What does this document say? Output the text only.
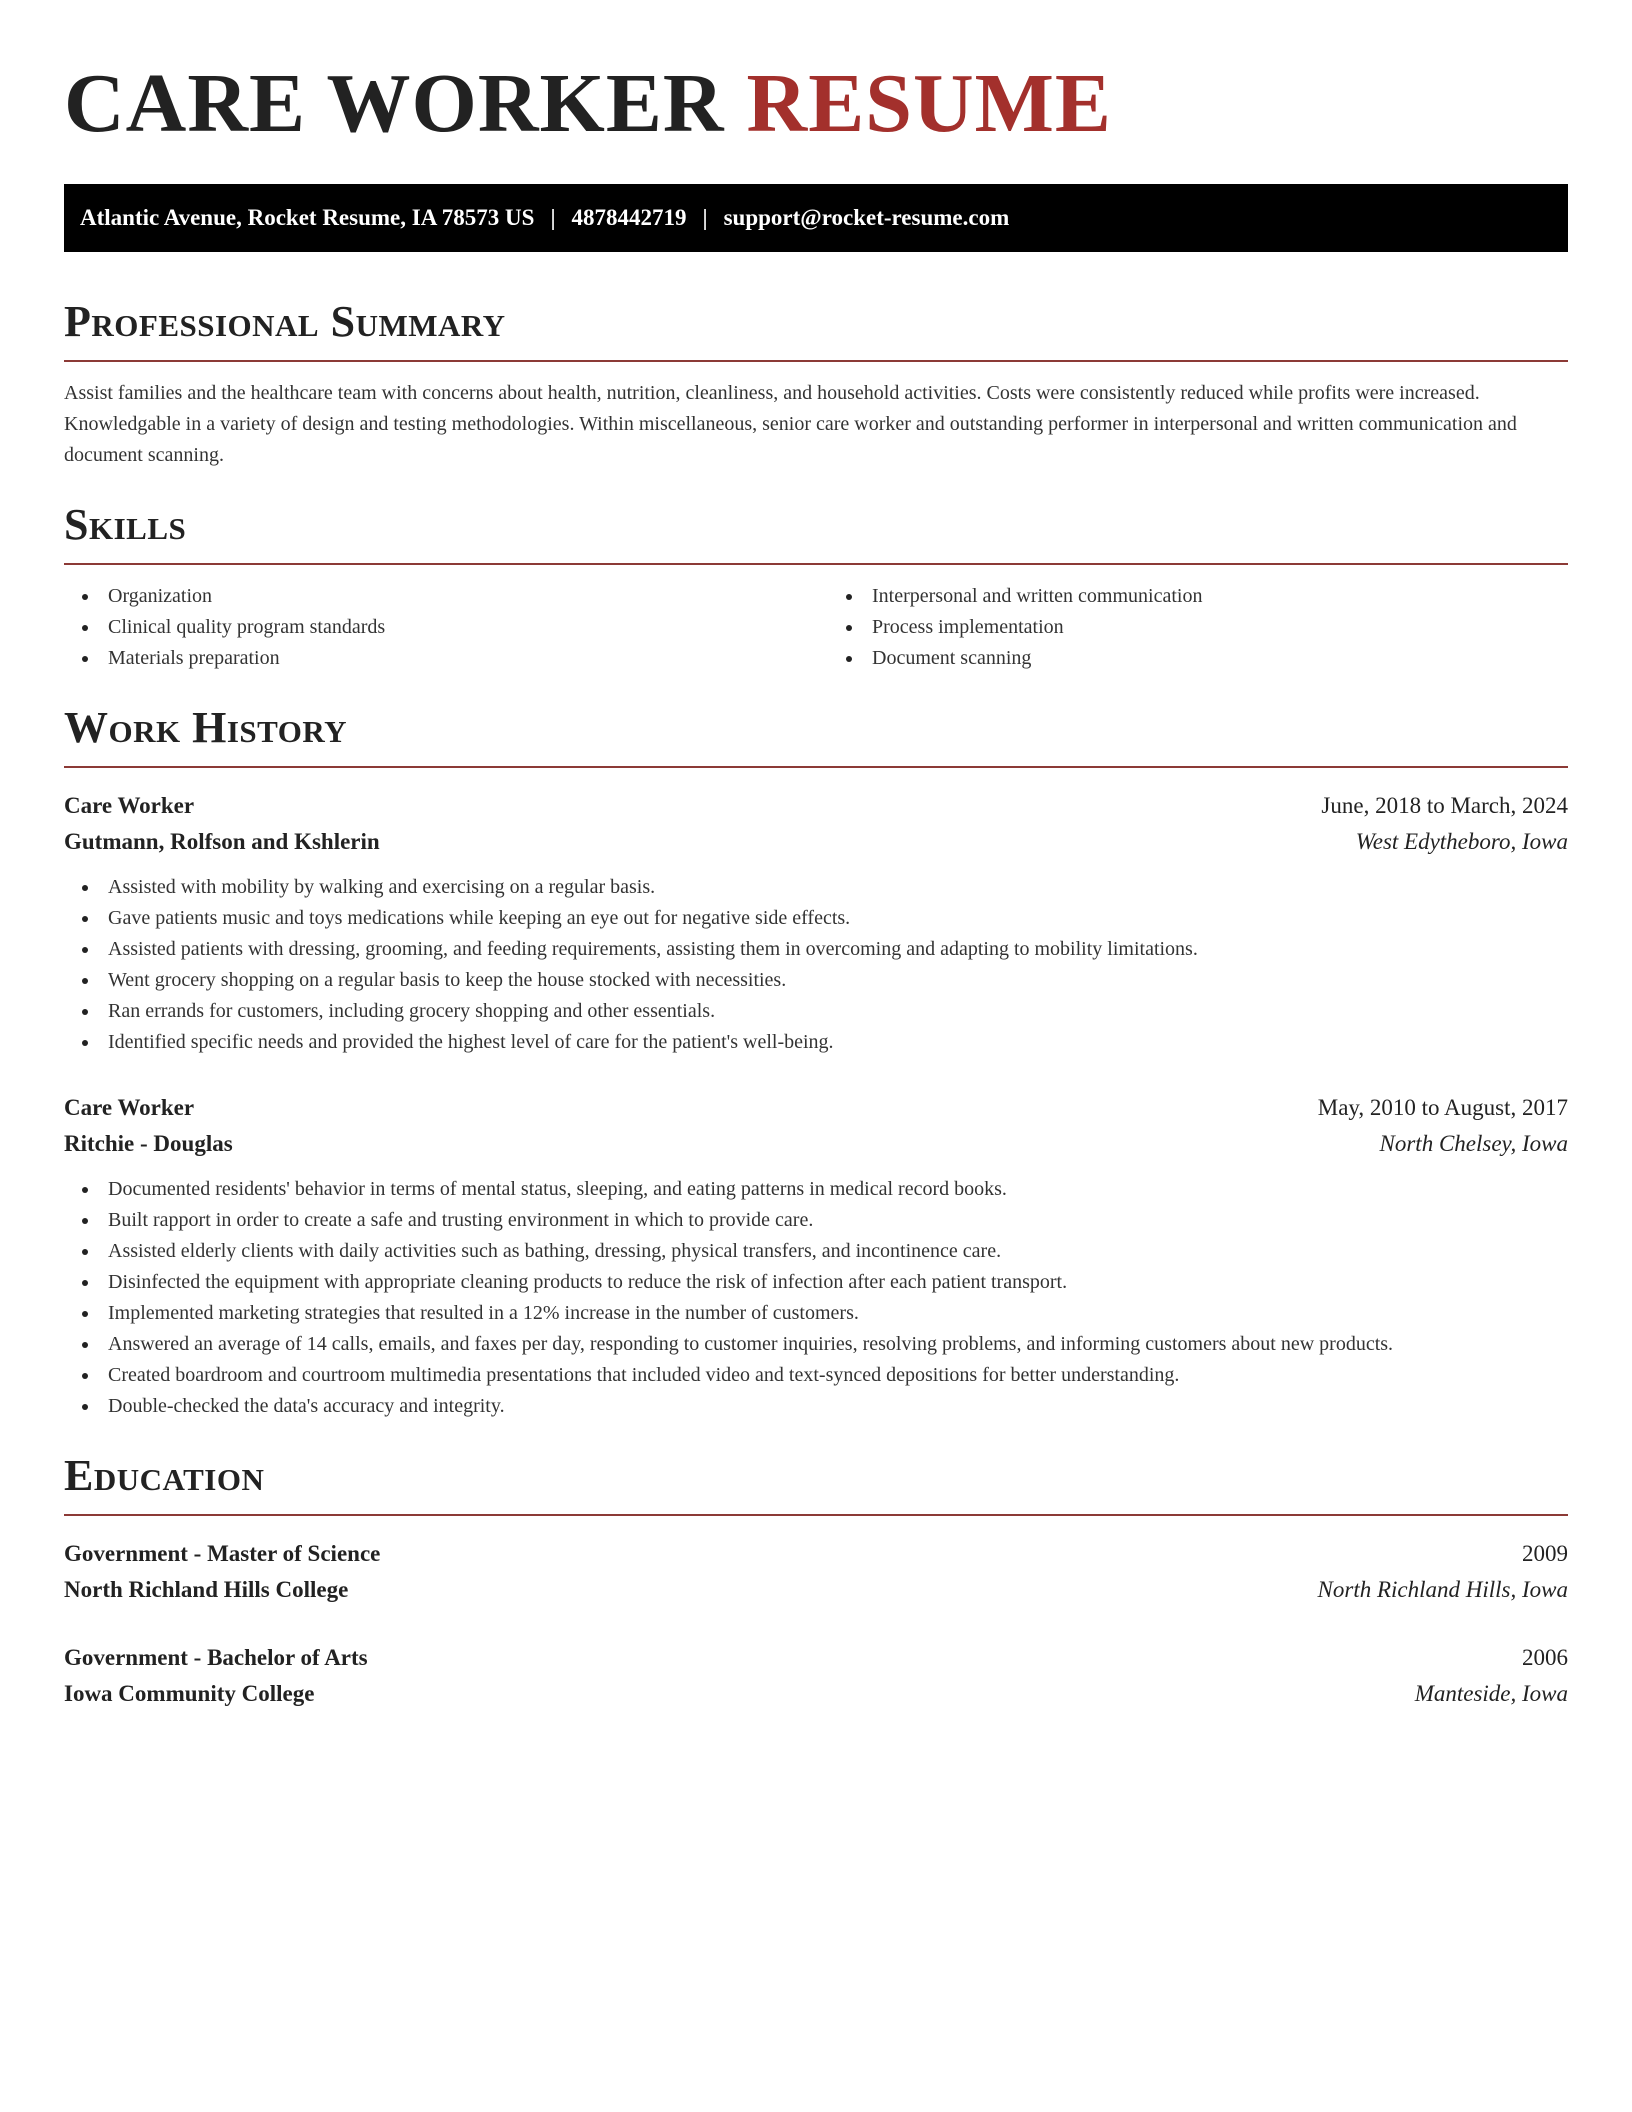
CARE WORKER RESUME
Atlantic Avenue, Rocket Resume, IA 78573 US | 4878442719 | support@rocket-resume.com
Professional Summary

Assist families and the healthcare team with concerns about health, nutrition, cleanliness, and household activities. Costs were consistently reduced while profits were increased. Knowledgable in a variety of design and testing methodologies. Within miscellaneous, senior care worker and outstanding performer in interpersonal and written communication and document scanning.

Skills
Organization
Clinical quality program standards
Materials preparation
Interpersonal and written communication
Process implementation
Document scanning
Work History
Care Worker	June, 2018 to March, 2024
Gutmann, Rolfson and Kshlerin	West Edytheboro, Iowa
Assisted with mobility by walking and exercising on a regular basis.
Gave patients music and toys medications while keeping an eye out for negative side effects.
Assisted patients with dressing, grooming, and feeding requirements, assisting them in overcoming and adapting to mobility limitations.
Went grocery shopping on a regular basis to keep the house stocked with necessities.
Ran errands for customers, including grocery shopping and other essentials.
Identified specific needs and provided the highest level of care for the patient's well-being.
Care Worker	May, 2010 to August, 2017
Ritchie - Douglas	North Chelsey, Iowa
Documented residents' behavior in terms of mental status, sleeping, and eating patterns in medical record books.
Built rapport in order to create a safe and trusting environment in which to provide care.
Assisted elderly clients with daily activities such as bathing, dressing, physical transfers, and incontinence care.
Disinfected the equipment with appropriate cleaning products to reduce the risk of infection after each patient transport.
Implemented marketing strategies that resulted in a 12% increase in the number of customers.
Answered an average of 14 calls, emails, and faxes per day, responding to customer inquiries, resolving problems, and informing customers about new products.
Created boardroom and courtroom multimedia presentations that included video and text-synced depositions for better understanding.
Double-checked the data's accuracy and integrity.
Education
Government - Master of Science	2009
North Richland Hills College	North Richland Hills, Iowa
Government - Bachelor of Arts	2006
Iowa Community College	Manteside, Iowa
